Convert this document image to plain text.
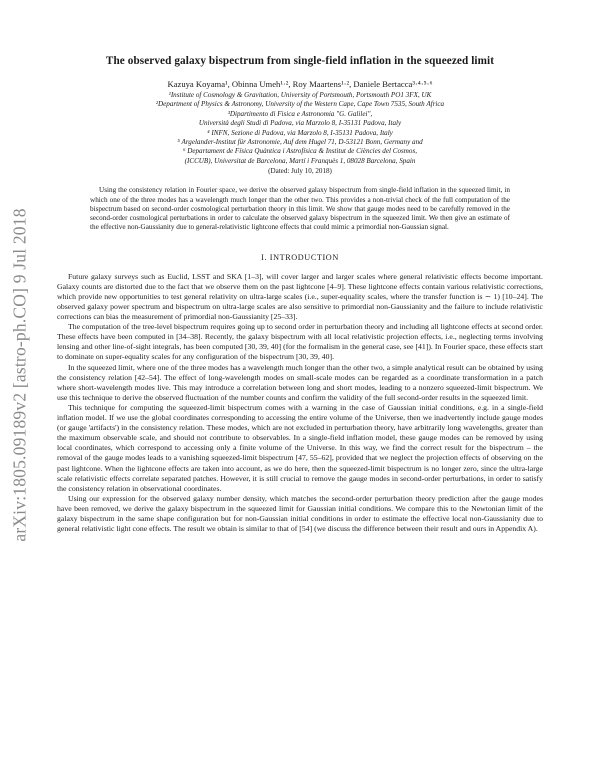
arXiv:1805.09189v2 [astro-ph.CO] 9 Jul 2018
The observed galaxy bispectrum from single-field inflation in the squeezed limit
Kazuya Koyama¹, Obinna Umeh¹·², Roy Maartens¹·², Daniele Bertacca³·⁴·⁵·⁶
¹Institute of Cosmology & Gravitation, University of Portsmouth, Portsmouth PO1 3FX, UK
²Department of Physics & Astronomy, University of the Western Cape, Cape Town 7535, South Africa
³Dipartimento di Fisica e Astronomia "G. Galilei",
Università degli Studi di Padova, via Marzolo 8, I-35131 Padova, Italy
⁴ INFN, Sezione di Padova, via Marzolo 8, I-35131 Padova, Italy
⁵ Argelander-Institut für Astronomie, Auf dem Hugel 71, D-53121 Bonn, Germany and
⁶ Departament de Física Quàntica i Astrofísica & Institut de Ciències del Cosmos,
(ICCUB), Universitat de Barcelona, Martí i Franquès 1, 08028 Barcelona, Spain
(Dated: July 10, 2018)
Using the consistency relation in Fourier space, we derive the observed galaxy bispectrum from single-field inflation in the squeezed limit, in which one of the three modes has a wavelength much longer than the other two. This provides a non-trivial check of the full computation of the bispectrum based on second-order cosmological perturbation theory in this limit. We show that gauge modes need to be carefully removed in the second-order cosmological perturbations in order to calculate the observed galaxy bispectrum in the squeezed limit. We then give an estimate of the effective non-Gaussianity due to general-relativistic lightcone effects that could mimic a primordial non-Gaussian signal.
I. INTRODUCTION

Future galaxy surveys such as Euclid, LSST and SKA [1–3], will cover larger and larger scales where general relativistic effects become important. Galaxy counts are distorted due to the fact that we observe them on the past lightcone [4–9]. These lightcone effects contain various relativistic corrections, which provide new opportunities to test general relativity on ultra-large scales (i.e., super-equality scales, where the transfer function is ∼ 1) [10–24]. The observed galaxy power spectrum and bispectrum on ultra-large scales are also sensitive to primordial non-Gaussianity and the failure to include relativistic corrections can bias the measurement of primordial non-Gaussianity [25–33].

The computation of the tree-level bispectrum requires going up to second order in perturbation theory and including all lightcone effects at second order. These effects have been computed in [34–38]. Recently, the galaxy bispectrum with all local relativistic projection effects, i.e., neglecting terms involving lensing and other line-of-sight integrals, has been computed [30, 39, 40] (for the formalism in the general case, see [41]). In Fourier space, these effects start to dominate on super-equality scales for any configuration of the bispectrum [30, 39, 40].

In the squeezed limit, where one of the three modes has a wavelength much longer than the other two, a simple analytical result can be obtained by using the consistency relation [42–54]. The effect of long-wavelength modes on small-scale modes can be regarded as a coordinate transformation in a patch where short-wavelength modes live. This may introduce a correlation between long and short modes, leading to a nonzero squeezed-limit bispectrum. We use this technique to derive the observed fluctuation of the number counts and confirm the validity of the full second-order results in the squeezed limit.

This technique for computing the squeezed-limit bispectrum comes with a warning in the case of Gaussian initial conditions, e.g. in a single-field inflation model. If we use the global coordinates corresponding to accessing the entire volume of the Universe, then we inadvertently include gauge modes (or gauge 'artifacts') in the consistency relation. These modes, which are not excluded in perturbation theory, have arbitrarily long wavelengths, greater than the maximum observable scale, and should not contribute to observables. In a single-field inflation model, these gauge modes can be removed by using local coordinates, which correspond to accessing only a finite volume of the Universe. In this way, we find the correct result for the bispectrum – the removal of the gauge modes leads to a vanishing squeezed-limit bispectrum [47, 55–62], provided that we neglect the projection effects of observing on the past lightcone. When the lightcone effects are taken into account, as we do here, then the squeezed-limit bispectrum is no longer zero, since the ultra-large scale relativistic effects correlate separated patches. However, it is still crucial to remove the gauge modes in second-order perturbations, in order to satisfy the consistency relation in observational coordinates.

Using our expression for the observed galaxy number density, which matches the second-order perturbation theory prediction after the gauge modes have been removed, we derive the galaxy bispectrum in the squeezed limit for Gaussian initial conditions. We compare this to the Newtonian limit of the galaxy bispectrum in the same shape configuration but for non-Gaussian initial conditions in order to estimate the effective local non-Gaussianity due to general relativistic light cone effects. The result we obtain is similar to that of [54] (we discuss the difference between their result and ours in Appendix A).
